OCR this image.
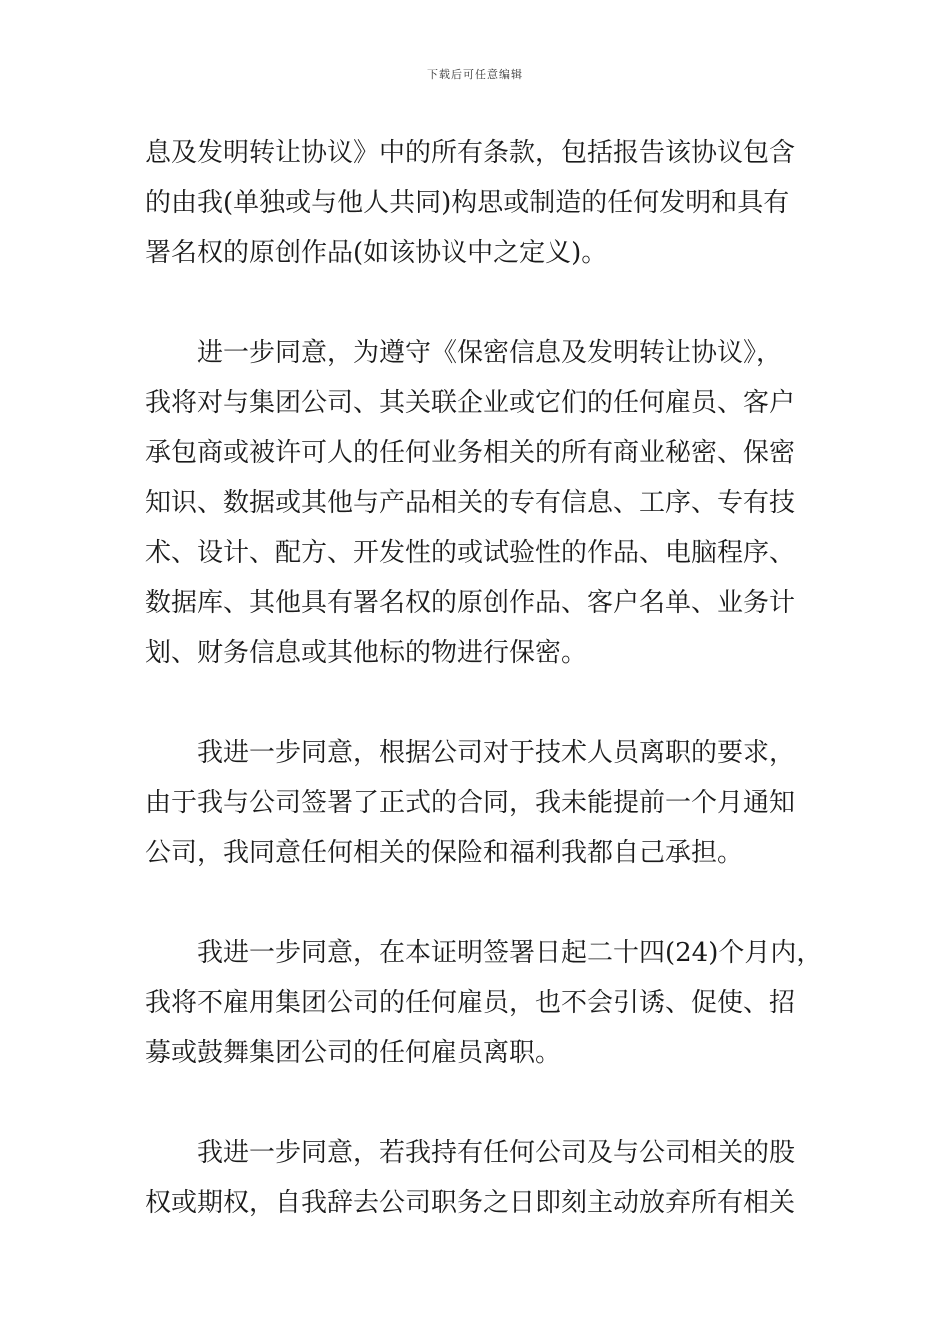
下载后可任意编辑
息及发明转让协议》中的所有条款，包括报告该协议包含
的由我(单独或与他人共同)构思或制造的任何发明和具有
署名权的原创作品(如该协议中之定义)。
进一步同意，为遵守《保密信息及发明转让协议》，
我将对与集团公司、其关联企业或它们的任何雇员、客户
承包商或被许可人的任何业务相关的所有商业秘密、保密
知识、数据或其他与产品相关的专有信息、工序、专有技
术、设计、配方、开发性的或试验性的作品、电脑程序、
数据库、其他具有署名权的原创作品、客户名单、业务计
划、财务信息或其他标的物进行保密。
我进一步同意，根据公司对于技术人员离职的要求，
由于我与公司签署了正式的合同，我未能提前一个月通知
公司，我同意任何相关的保险和福利我都自己承担。
我进一步同意，在本证明签署日起二十四(24)个月内，
我将不雇用集团公司的任何雇员，也不会引诱、促使、招
募或鼓舞集团公司的任何雇员离职。
我进一步同意，若我持有任何公司及与公司相关的股
权或期权，自我辞去公司职务之日即刻主动放弃所有相关
